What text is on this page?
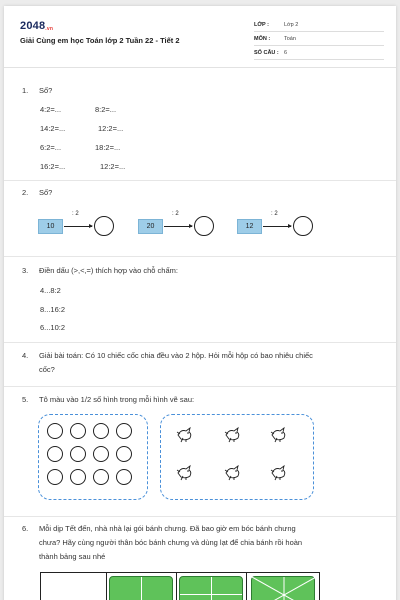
2048.vn
Giải Cùng em học Toán lớp 2 Tuần 22 - Tiết 2
LỚP :	Lớp 2
MÔN :	Toán
SỐ CÂU : 6
1. Số?
4:2=...
14:2=...
6:2=...
16:2=...
8:2=...
12:2=...
18:2=...
12:2=...
2. Số?
10
: 2
20
: 2
12
: 2
3. Điền dấu (>,<,=) thích hợp vào chỗ chấm:
4...8:2
8...16:2
6...10:2
4. Giải bài toán: Có 10 chiếc cốc chia đều vào 2 hộp. Hỏi mỗi hộp có bao nhiêu chiếc
cốc?
5. Tô màu vào 1/2 số hình trong mỗi hình vẽ sau:
6. Mỗi dịp Tết đến, nhà nhà lại gói bánh chưng. Đã bao giờ em bóc bánh chưng
chưa? Hãy cùng người thân bóc bánh chưng và dùng lạt để chia bánh rồi hoàn
thành bảng sau nhé
